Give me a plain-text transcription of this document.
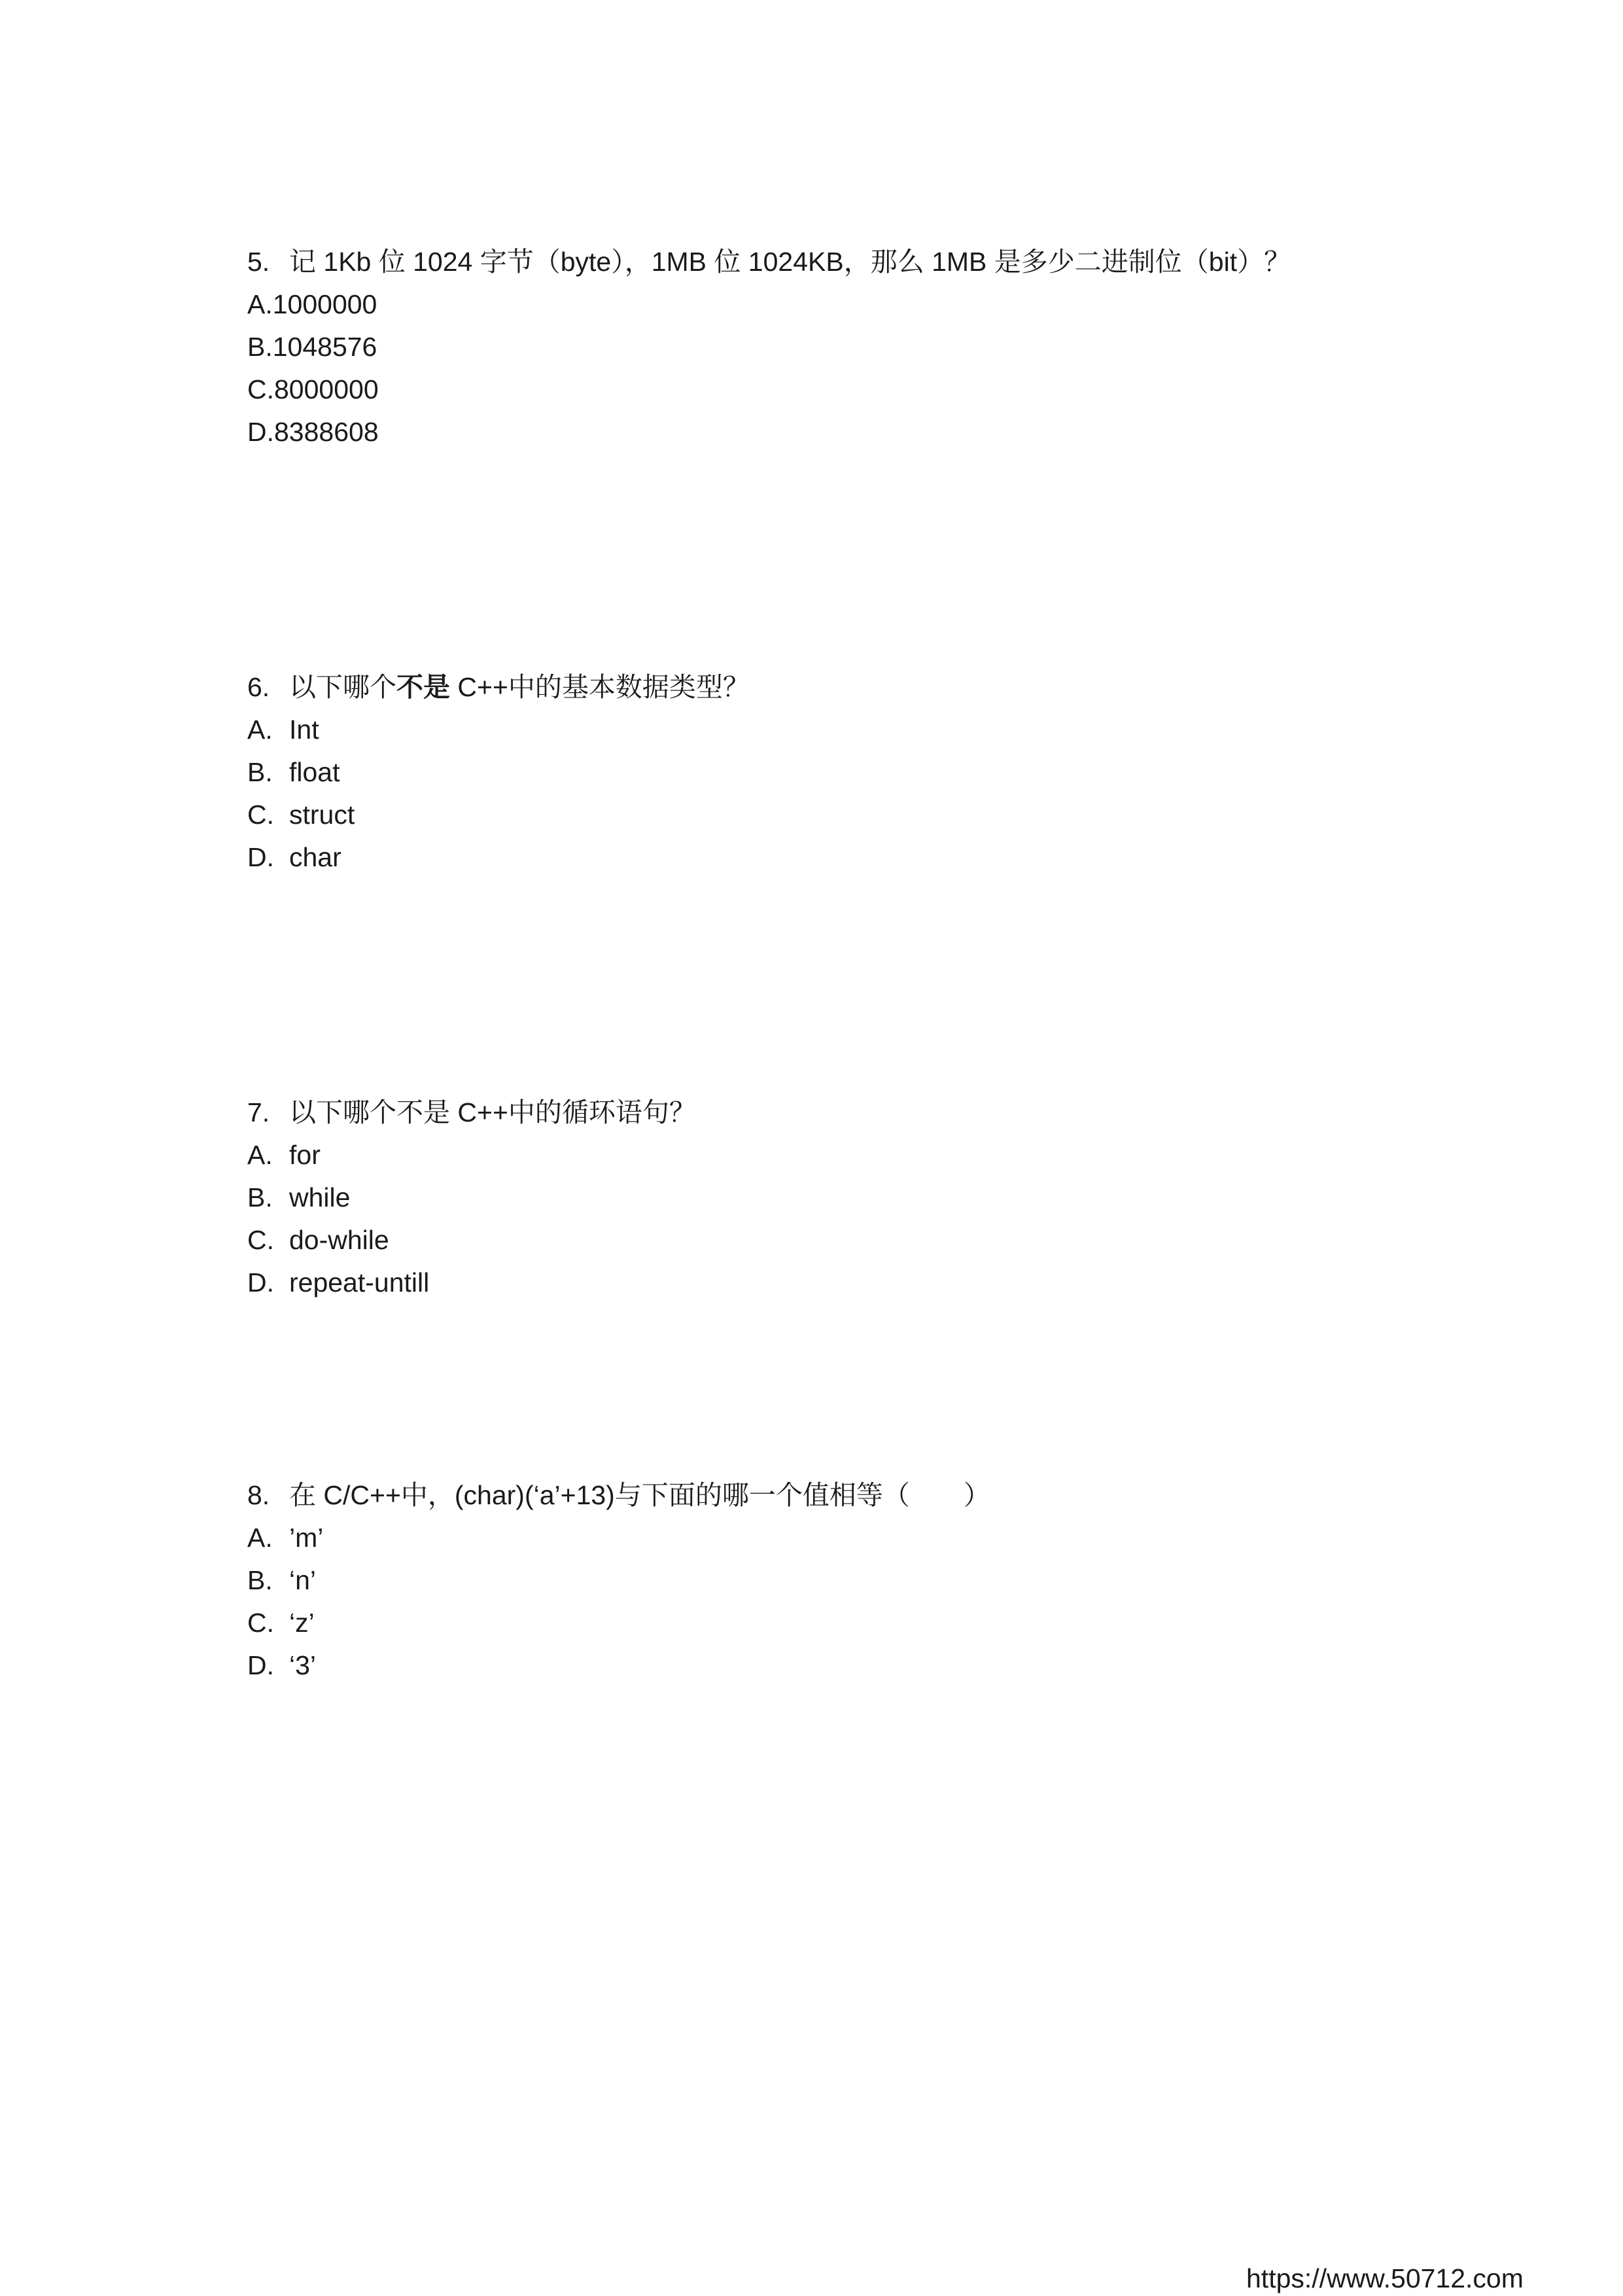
5. 记 1Kb 位 1024 字节（byte），1MB 位 1024KB，那么 1MB 是多少二进制位（bit）？
A.1000000
B.1048576
C.8000000
D.8388608
6. 以下哪个不是 C++中的基本数据类型？
A. Int
B. float
C. struct
D. char
7. 以下哪个不是 C++中的循环语句？
A. for
B. while
C. do-while
D. repeat-untill
8. 在 C/C++中，(char)(‘a’+13)与下面的哪一个值相等（　　）
A. ’m’
B. ‘n’
C. ‘z’
D. ‘3’
https://www.50712.com
